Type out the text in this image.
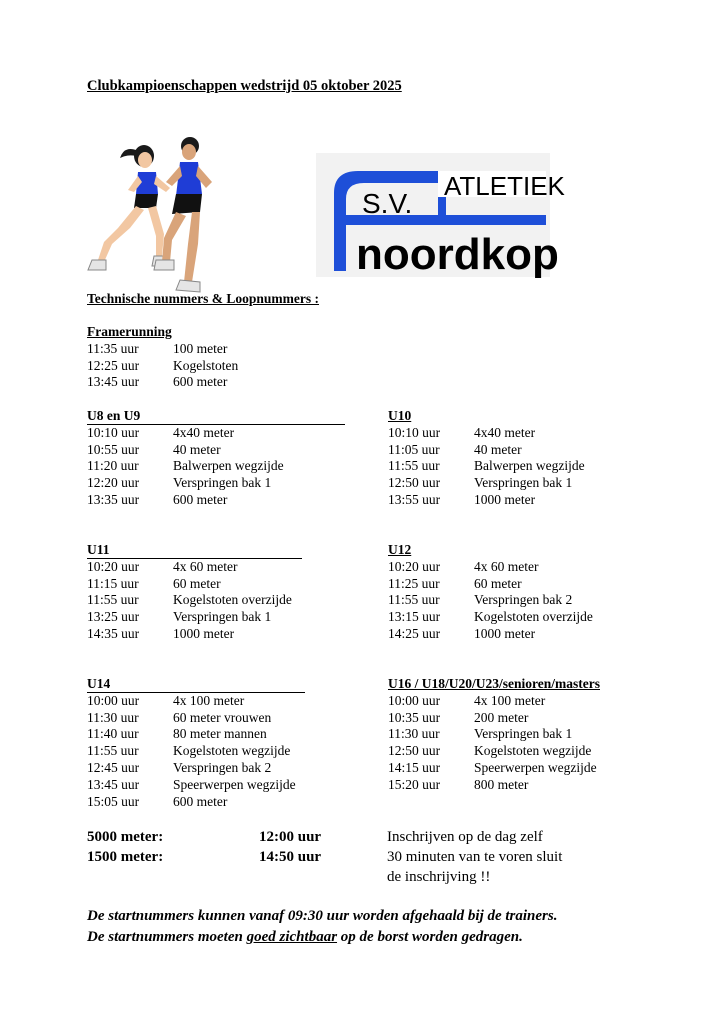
Clubkampioenschappen wedstrijd 05 oktober 2025
ATLETIEK
S.V.
noordkop
Technische nummers & Loopnummers :
Framerunning
11:35 uur	100 meter
12:25 uur	Kogelstoten
13:45 uur	600 meter
U8 en U9
10:10 uur	4x40 meter
10:55 uur	40 meter
11:20 uur	Balwerpen wegzijde
12:20 uur	Verspringen bak 1
13:35 uur	600 meter
U10
10:10 uur	4x40 meter
11:05 uur	40 meter
11:55 uur	Balwerpen wegzijde
12:50 uur	Verspringen bak 1
13:55 uur	1000 meter
U11
10:20 uur	4x 60 meter
11:15 uur	60 meter
11:55 uur	Kogelstoten overzijde
13:25 uur	Verspringen bak 1
14:35 uur	1000 meter
U12
10:20 uur	4x 60 meter
11:25 uur	60 meter
11:55 uur	Verspringen bak 2
13:15 uur	Kogelstoten overzijde
14:25 uur	1000 meter
U14
10:00 uur	4x 100 meter
11:30 uur	60 meter vrouwen
11:40 uur	80 meter mannen
11:55 uur	Kogelstoten wegzijde
12:45 uur	Verspringen bak 2
13:45 uur	Speerwerpen wegzijde
15:05 uur	600 meter
U16 / U18/U20/U23/senioren/masters
10:00 uur	4x 100 meter
10:35 uur	200 meter
11:30 uur	Verspringen bak 1
12:50 uur	Kogelstoten wegzijde
14:15 uur	Speerwerpen wegzijde
15:20 uur	800 meter
5000 meter:	12:00 uur
1500 meter:	14:50 uur
Inschrijven op de dag zelf
30 minuten van te voren sluit
de inschrijving !!
De startnummers kunnen vanaf 09:30 uur worden afgehaald bij de trainers.
De startnummers moeten goed zichtbaar op de borst worden gedragen.
